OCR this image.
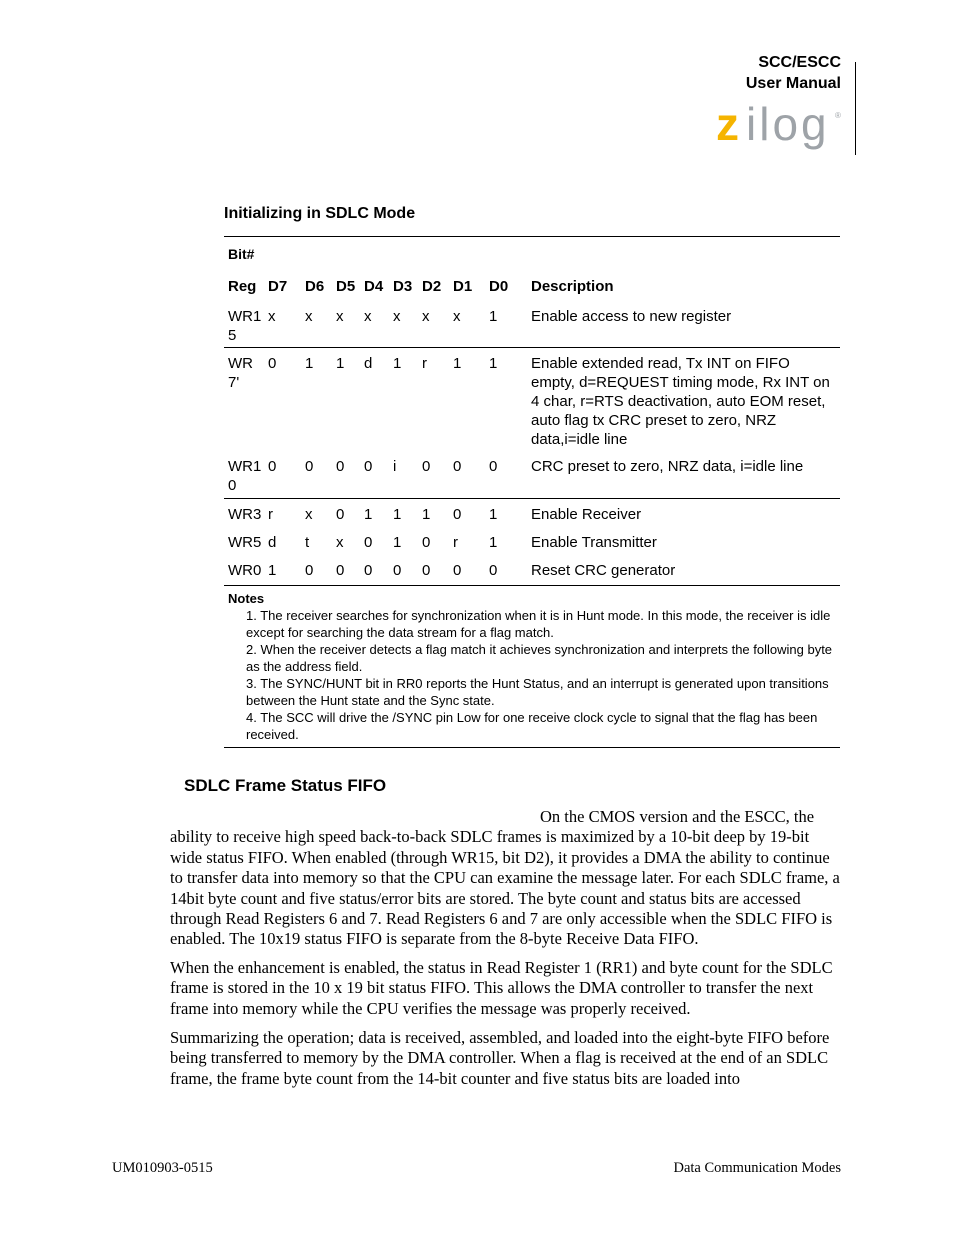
SCC/ESCC
User Manual
z ilog ®
Initializing in SDLC Mode
Bit#
Reg D7 D6 D5 D4 D3 D2 D1 D0 Description
WR15
x x x x x x x 1 Enable access to new register
WR7'
0 1 1 d 1 r 1 1 Enable extended read, Tx INT on FIFO empty, d=REQUEST timing mode, Rx INT on 4 char, r=RTS deactivation, auto EOM reset, auto flag tx CRC preset to zero, NRZ data,i=idle line
WR10
0 0 0 0 i 0 0 0 CRC preset to zero, NRZ data, i=idle line
WR3 r x 0 1 1 1 0 1 Enable Receiver
WR5 d t x 0 1 0 r 1 Enable Transmitter
WR0 1 0 0 0 0 0 0 0 Reset CRC generator
Notes
1. The receiver searches for synchronization when it is in Hunt mode. In this mode, the receiver is idle except for searching the data stream for a flag match.
2. When the receiver detects a flag match it achieves synchronization and interprets the following byte as the address field.
3. The SYNC/HUNT bit in RR0 reports the Hunt Status, and an interrupt is generated upon transitions between the Hunt state and the Sync state.
4. The SCC will drive the /SYNC pin Low for one receive clock cycle to signal that the flag has been received.
SDLC Frame Status FIFO

On the CMOS version and the ESCC, the ability to receive high speed back-to-back SDLC frames is maximized by a 10-bit deep by 19-bit wide status FIFO. When enabled (through WR15, bit D2), it provides a DMA the ability to continue to transfer data into memory so that the CPU can examine the message later. For each SDLC frame, a 14bit byte count and five status/error bits are stored. The byte count and status bits are accessed through Read Registers 6 and 7. Read Registers 6 and 7 are only accessible when the SDLC FIFO is enabled. The 10x19 status FIFO is separate from the 8-byte Receive Data FIFO.

When the enhancement is enabled, the status in Read Register 1 (RR1) and byte count for the SDLC frame is stored in the 10 x 19 bit status FIFO. This allows the DMA controller to transfer the next frame into memory while the CPU verifies the message was properly received.

Summarizing the operation; data is received, assembled, and loaded into the eight-byte FIFO before being transferred to memory by the DMA controller. When a flag is received at the end of an SDLC frame, the frame byte count from the 14-bit counter and five status bits are loaded into

UM010903-0515	Data Communication Modes
